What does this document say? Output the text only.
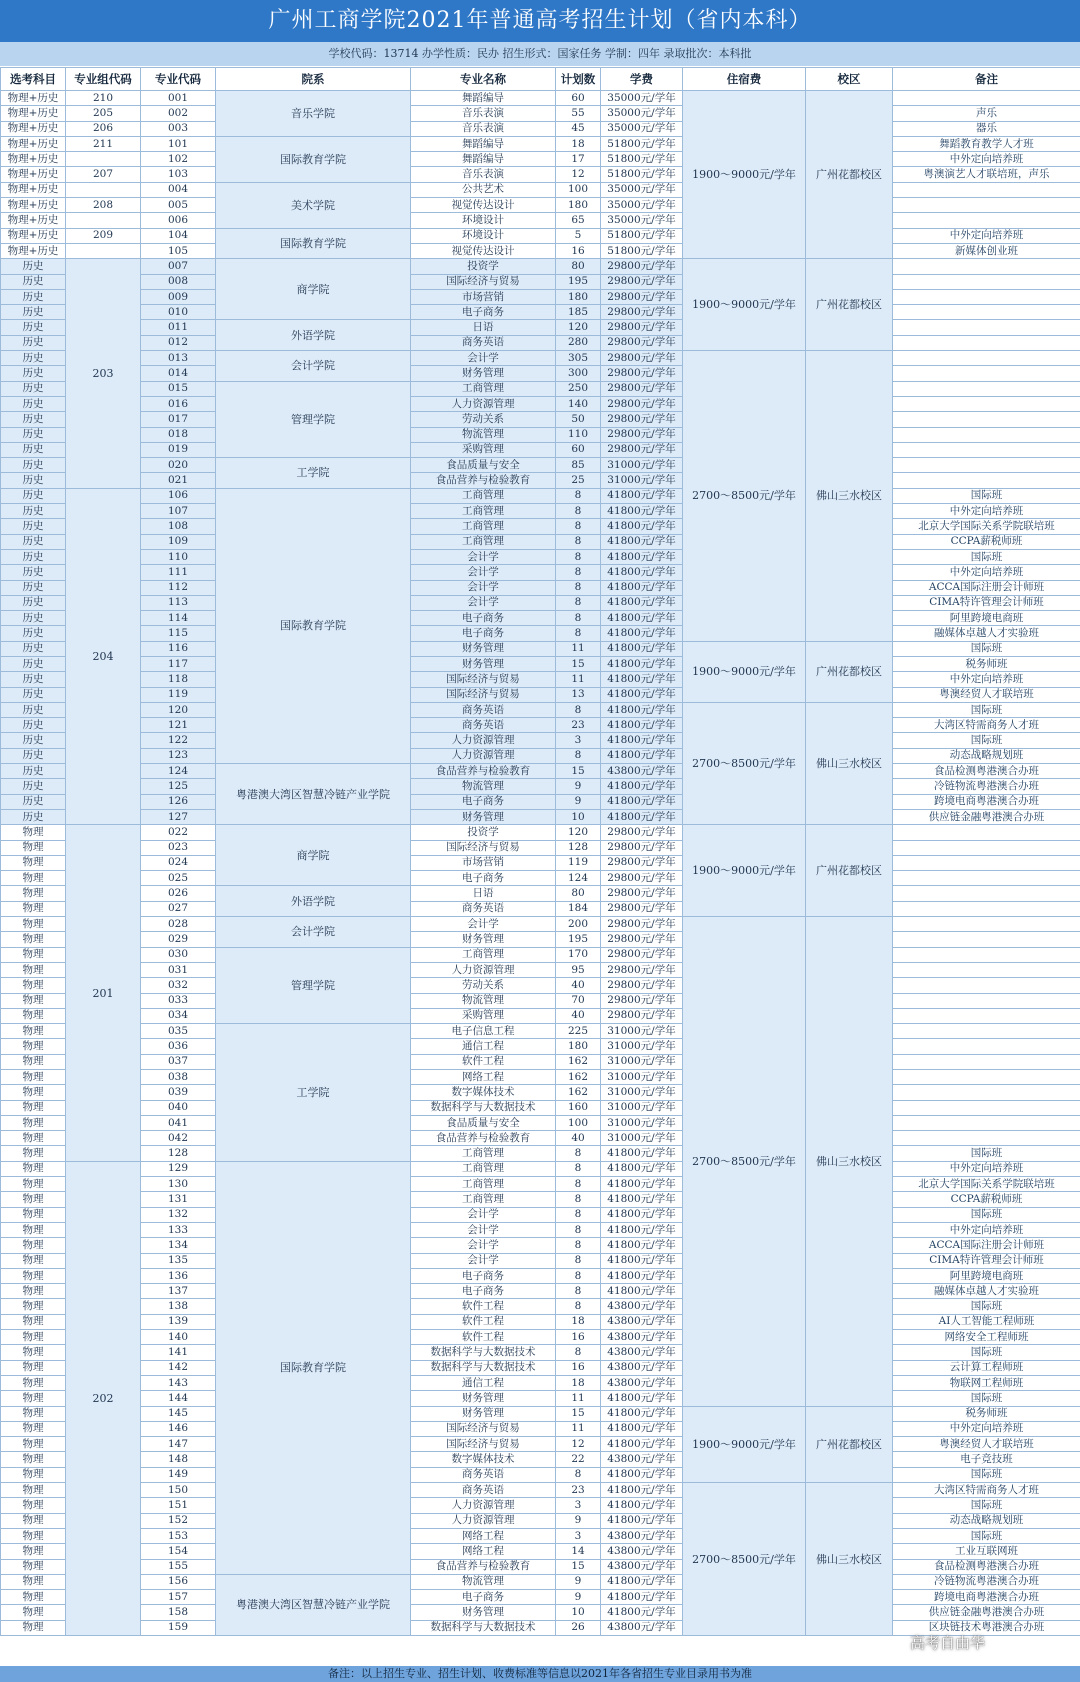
广州工商学院2021年普通高考招生计划（省内本科）
学校代码：13714 办学性质：民办 招生形式：国家任务 学制：四年 录取批次：本科批
选考科目	专业组代码	专业代码	院系	专业名称	计划数	学费	住宿费	校区	备注
物理+历史	210	001	音乐学院	舞蹈编导	60	35000元/学年	1900～9000元/学年	广州花都校区	
物理+历史	205	002		音乐表演	55	35000元/学年			声乐
物理+历史	206	003		音乐表演	45	35000元/学年			器乐
物理+历史	211	101	国际教育学院	舞蹈编导	18	51800元/学年			舞蹈教育教学人才班
物理+历史		102		舞蹈编导	17	51800元/学年			中外定向培养班
物理+历史	207	103		音乐表演	12	51800元/学年			粤澳演艺人才联培班，声乐
物理+历史		004	美术学院	公共艺术	100	35000元/学年			
物理+历史	208	005		视觉传达设计	180	35000元/学年			
物理+历史		006		环境设计	65	35000元/学年			
物理+历史	209	104	国际教育学院	环境设计	5	51800元/学年			中外定向培养班
物理+历史		105		视觉传达设计	16	51800元/学年			新媒体创业班
历史	203	007	商学院	投资学	80	29800元/学年	1900～9000元/学年	广州花都校区	
历史		008		国际经济与贸易	195	29800元/学年			
历史		009		市场营销	180	29800元/学年			
历史		010		电子商务	185	29800元/学年			
历史		011	外语学院	日语	120	29800元/学年			
历史		012		商务英语	280	29800元/学年			
历史		013	会计学院	会计学	305	29800元/学年	2700～8500元/学年	佛山三水校区	
历史		014		财务管理	300	29800元/学年			
历史		015	管理学院	工商管理	250	29800元/学年			
历史		016		人力资源管理	140	29800元/学年			
历史		017		劳动关系	50	29800元/学年			
历史		018		物流管理	110	29800元/学年			
历史		019		采购管理	60	29800元/学年			
历史		020	工学院	食品质量与安全	85	31000元/学年			
历史		021		食品营养与检验教育	25	31000元/学年			
历史	204	106	国际教育学院	工商管理	8	41800元/学年			国际班
历史		107		工商管理	8	41800元/学年			中外定向培养班
历史		108		工商管理	8	41800元/学年			北京大学国际关系学院联培班
历史		109		工商管理	8	41800元/学年			CCPA薪税师班
历史		110		会计学	8	41800元/学年			国际班
历史		111		会计学	8	41800元/学年			中外定向培养班
历史		112		会计学	8	41800元/学年			ACCA国际注册会计师班
历史		113		会计学	8	41800元/学年			CIMA特许管理会计师班
历史		114		电子商务	8	41800元/学年			阿里跨境电商班
历史		115		电子商务	8	41800元/学年			融媒体卓越人才实验班
历史		116		财务管理	11	41800元/学年	1900～9000元/学年	广州花都校区	国际班
历史		117		财务管理	15	41800元/学年			税务师班
历史		118		国际经济与贸易	11	41800元/学年			中外定向培养班
历史		119		国际经济与贸易	13	41800元/学年			粤澳经贸人才联培班
历史		120		商务英语	8	41800元/学年	2700～8500元/学年	佛山三水校区	国际班
历史		121		商务英语	23	41800元/学年			大湾区特需商务人才班
历史		122		人力资源管理	3	41800元/学年			国际班
历史		123		人力资源管理	8	41800元/学年			动态战略规划班
历史		124	粤港澳大湾区智慧冷链产业学院	食品营养与检验教育	15	43800元/学年			食品检测粤港澳合办班
历史		125		物流管理	9	41800元/学年			冷链物流粤港澳合办班
历史		126		电子商务	9	41800元/学年			跨境电商粤港澳合办班
历史		127		财务管理	10	41800元/学年			供应链金融粤港澳合办班
物理	201	022	商学院	投资学	120	29800元/学年	1900～9000元/学年	广州花都校区	
物理		023		国际经济与贸易	128	29800元/学年			
物理		024		市场营销	119	29800元/学年			
物理		025		电子商务	124	29800元/学年			
物理		026	外语学院	日语	80	29800元/学年			
物理		027		商务英语	184	29800元/学年			
物理		028	会计学院	会计学	200	29800元/学年	2700～8500元/学年	佛山三水校区	
物理		029		财务管理	195	29800元/学年			
物理		030	管理学院	工商管理	170	29800元/学年			
物理		031		人力资源管理	95	29800元/学年			
物理		032		劳动关系	40	29800元/学年			
物理		033		物流管理	70	29800元/学年			
物理		034		采购管理	40	29800元/学年			
物理		035	工学院	电子信息工程	225	31000元/学年			
物理		036		通信工程	180	31000元/学年			
物理		037		软件工程	162	31000元/学年			
物理		038		网络工程	162	31000元/学年			
物理		039		数字媒体技术	162	31000元/学年			
物理		040		数据科学与大数据技术	160	31000元/学年			
物理		041		食品质量与安全	100	31000元/学年			
物理		042		食品营养与检验教育	40	31000元/学年			
物理		128		工商管理	8	41800元/学年			国际班
物理	202	129	国际教育学院	工商管理	8	41800元/学年			中外定向培养班
物理		130		工商管理	8	41800元/学年			北京大学国际关系学院联培班
物理		131		工商管理	8	41800元/学年			CCPA薪税师班
物理		132		会计学	8	41800元/学年			国际班
物理		133		会计学	8	41800元/学年			中外定向培养班
物理		134		会计学	8	41800元/学年			ACCA国际注册会计师班
物理		135		会计学	8	41800元/学年			CIMA特许管理会计师班
物理		136		电子商务	8	41800元/学年			阿里跨境电商班
物理		137		电子商务	8	41800元/学年			融媒体卓越人才实验班
物理		138		软件工程	8	43800元/学年			国际班
物理		139		软件工程	18	43800元/学年			AI人工智能工程师班
物理		140		软件工程	16	43800元/学年			网络安全工程师班
物理		141		数据科学与大数据技术	8	43800元/学年			国际班
物理		142		数据科学与大数据技术	16	43800元/学年			云计算工程师班
物理		143		通信工程	18	43800元/学年			物联网工程师班
物理		144		财务管理	11	41800元/学年			国际班
物理		145		财务管理	15	41800元/学年	1900～9000元/学年	广州花都校区	税务师班
物理		146		国际经济与贸易	11	41800元/学年			中外定向培养班
物理		147		国际经济与贸易	12	41800元/学年			粤澳经贸人才联培班
物理		148		数字媒体技术	22	43800元/学年			电子竞技班
物理		149		商务英语	8	41800元/学年			国际班
物理		150		商务英语	23	41800元/学年	2700～8500元/学年	佛山三水校区	大湾区特需商务人才班
物理		151		人力资源管理	3	41800元/学年			国际班
物理		152		人力资源管理	9	41800元/学年			动态战略规划班
物理		153		网络工程	3	43800元/学年			国际班
物理		154		网络工程	14	43800元/学年			工业互联网班
物理		155		食品营养与检验教育	15	43800元/学年			食品检测粤港澳合办班
物理		156	粤港澳大湾区智慧冷链产业学院	物流管理	9	41800元/学年			冷链物流粤港澳合办班
物理		157		电子商务	9	41800元/学年			跨境电商粤港澳合办班
物理		158		财务管理	10	41800元/学年			供应链金融粤港澳合办班
物理		159		数据科学与大数据技术	26	43800元/学年			区块链技术粤港澳合办班
备注：以上招生专业、招生计划、收费标准等信息以2021年各省招生专业目录用书为准
高考自由华
